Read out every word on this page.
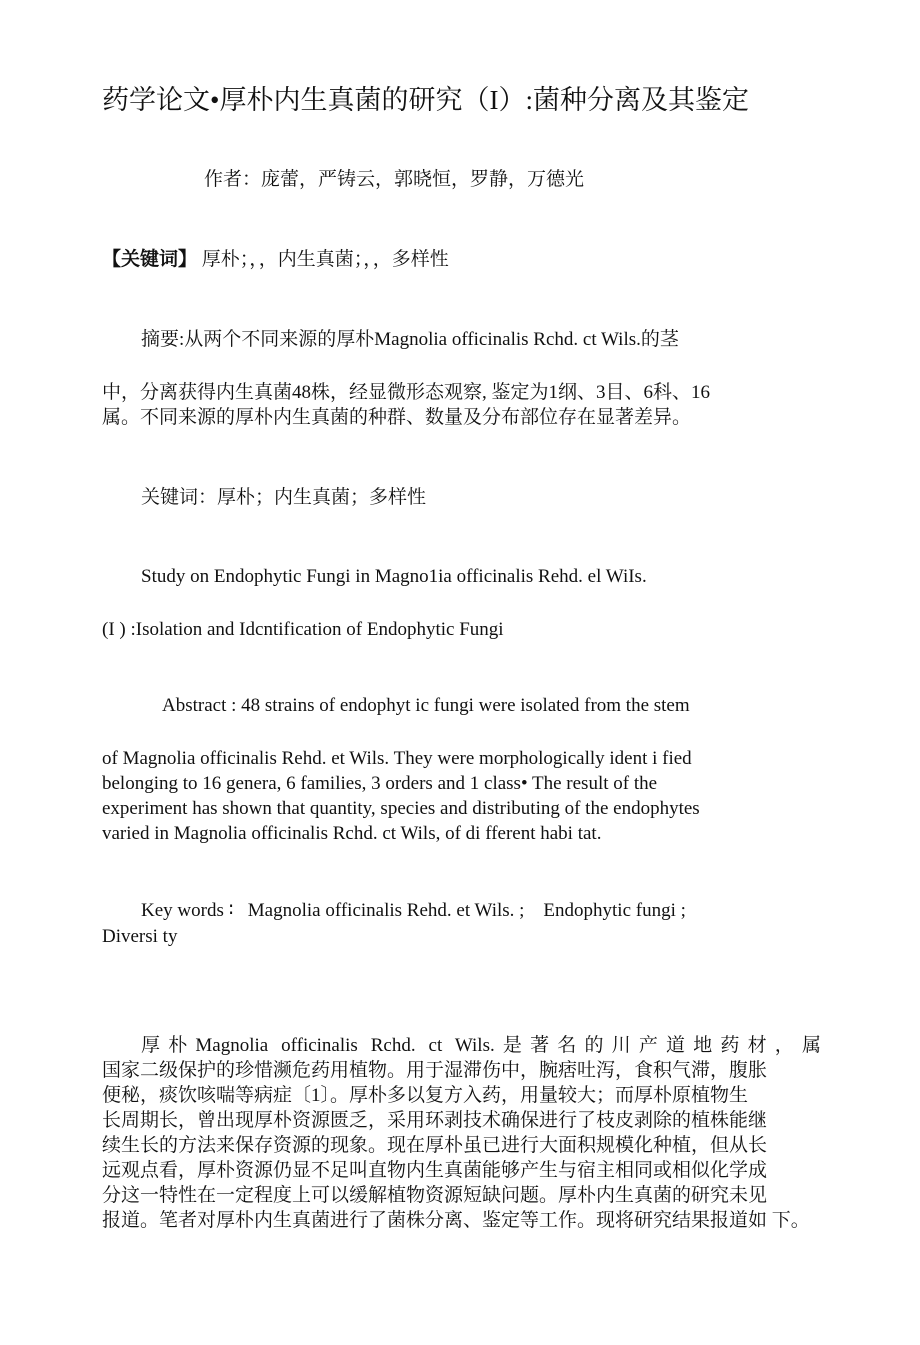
药学论文•厚朴内生真菌的研究（I）:菌种分离及其鉴定
作者：庞蕾，严铸云，郭晓恒，罗静，万德光
【关键词】 厚朴；，，内生真菌；，，多样性
摘要:从两个不同来源的厚朴Magnolia officinalis Rchd. ct Wils.的茎
中，分离获得内生真菌48株，经显微形态观察, 鉴定为1纲、3目、6科、16
属。不同来源的厚朴内生真菌的种群、数量及分布部位存在显著差异。
关键词：厚朴；内生真菌；多样性
Study on Endophytic Fungi in Magno1ia officinalis Rehd. el WiIs.
(I ) :Isolation and Idcntification of Endophytic Fungi
Abstract : 48 strains of endophyt ic fungi were isolated from the stem
of Magnolia officinalis Rehd. et Wils. They were morphologically ident i fied
belonging to 16 genera, 6 families, 3 orders and 1 class• The result of the
experiment has shown that quantity, species and distributing of the endophytes
varied in Magnolia officinalis Rchd. ct Wils, of di fferent habi tat.
Key words ∶   Magnolia officinalis Rehd. et Wils. ;    Endophytic fungi ;
Diversi ty
厚朴Magnolia officinalis Rchd. ct Wils.是著名的川产道地药材，属
国家二级保护的珍惜濒危药用植物。用于湿滞伤中，腕痞吐泻，食积气滞，腹胀
便秘，痰饮咳喘等病症〔1〕。厚朴多以复方入药，用量较大；而厚朴原植物生
长周期长，曾出现厚朴资源匮乏，采用环剥技术确保进行了枝皮剥除的植株能继
续生长的方法来保存资源的现象。现在厚朴虽已进行大面积规模化种植，但从长
远观点看，厚朴资源仍显不足叫直物内生真菌能够产生与宿主相同或相似化学成
分这一特性在一定程度上可以缓解植物资源短缺问题。厚朴内生真菌的研究未见
报道。笔者对厚朴内生真菌进行了菌株分离、鉴定等工作。现将研究结果报道如 下。
